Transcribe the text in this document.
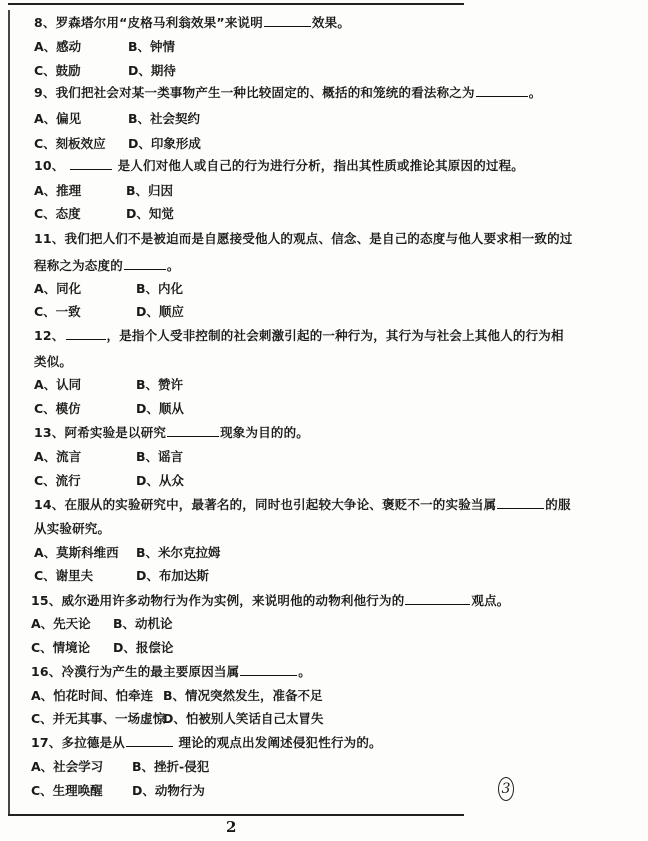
8、罗森塔尔用“皮格马利翁效果”来说明	效果。
A、感动	B、钟情
C、鼓励	D、期待
9、我们把社会对某一类事物产生一种比较固定的、概括的和笼统的看法称之为	。
A、偏见	B、社会契约
C、刻板效应 D、印象形成
10、	是人们对他人或自己的行为进行分析，指出其性质或推论其原因的过程。
A、推理	B、归因
C、态度	D、知觉
11、我们把人们不是被迫而是自愿接受他人的观点、信念、是自己的态度与他人要求相一致的过
程称之为态度的	。
A、同化	B、内化
C、一致	D、顺应
12、	，是指个人受非控制的社会刺激引起的一种行为，其行为与社会上其他人的行为相
类似。
A、认同	B、赞许
C、模仿	D、顺从
13、阿希实验是以研究	现象为目的的。
A、流言	B、谣言
C、流行	D、从众
14、在服从的实验研究中，最著名的，同时也引起较大争论、褒贬不一的实验当属	的服
从实验研究。
A、莫斯科维西 B、米尔克拉姆
C、谢里夫	D、布加达斯
15、威尔逊用许多动物行为作为实例，来说明他的动物利他行为的	观点。
A、先天论 B、动机论
C、情境论 D、报偿论
16、冷漠行为产生的最主要原因当属	。
A、怕花时间、怕牵连 B、情况突然发生，准备不足
C、并无其事、一场虚惊
D、怕被别人笑话自己太冒失
17、多拉德是从	理论的观点出发阐述侵犯性行为的。
A、社会学习 B、挫折-侵犯
C、生理唤醒 D、动物行为
2
3
